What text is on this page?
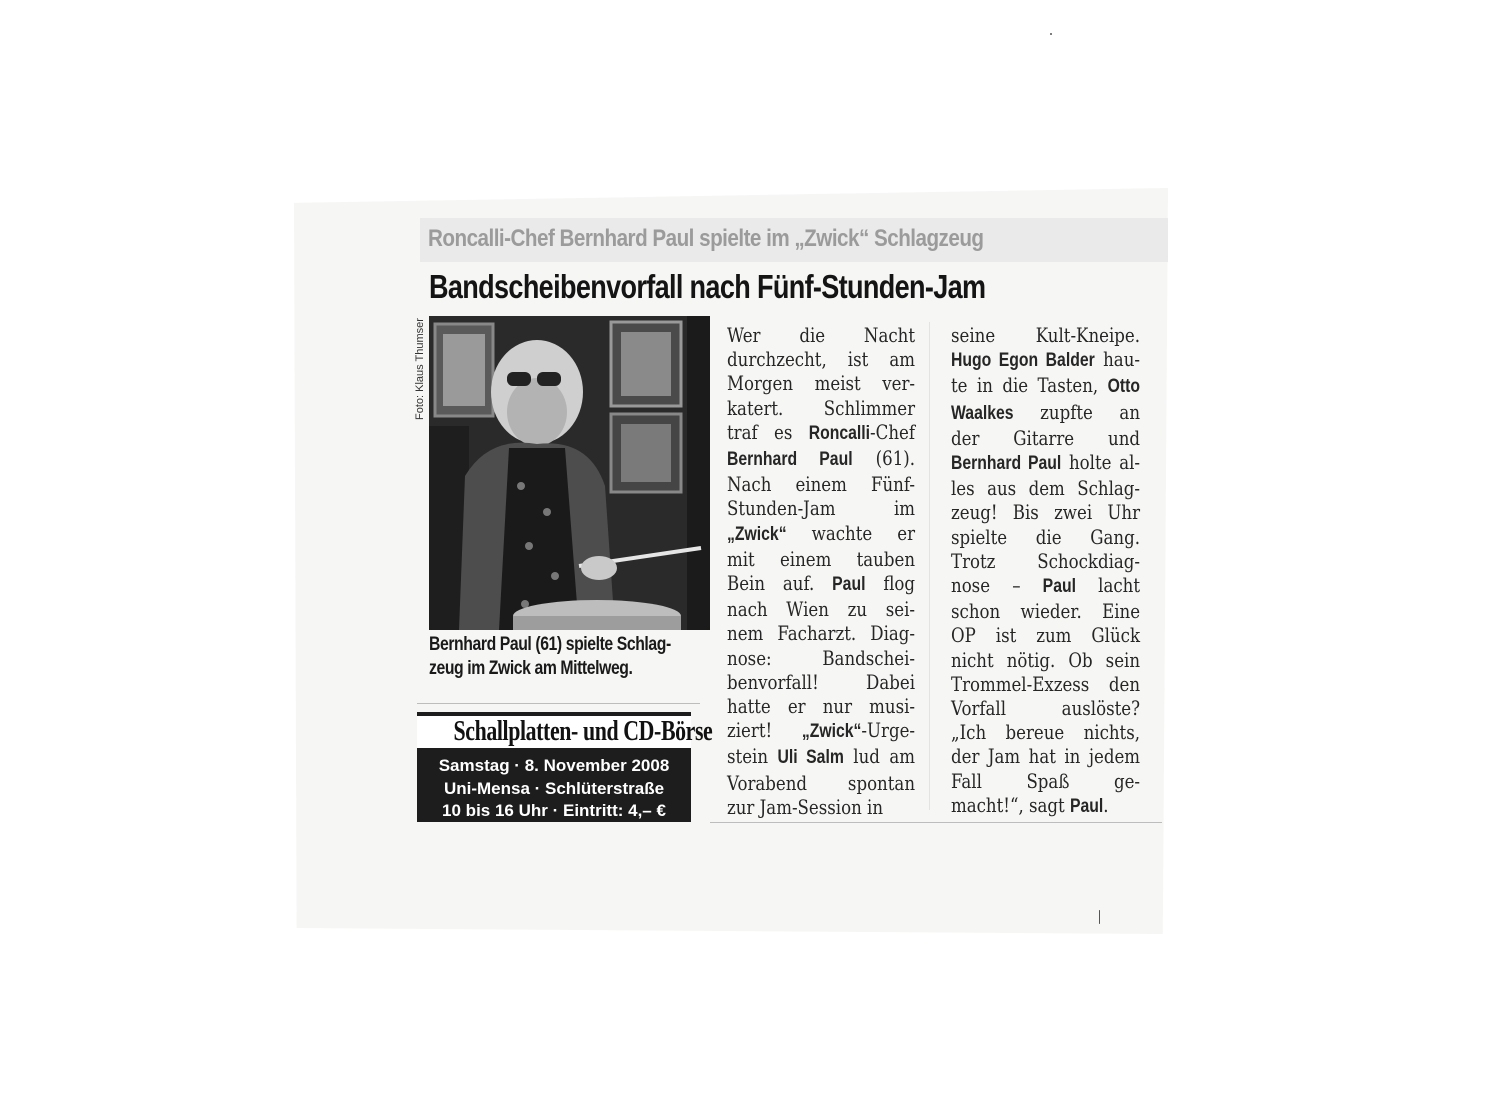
Roncalli-Chef Bernhard Paul spielte im „Zwick“ Schlagzeug
Bandscheibenvorfall nach Fünf-Stunden-Jam
Foto: Klaus Thumser
Bernhard Paul (61) spielte Schlag-
zeug im Zwick am Mittelweg.
Schallplatten- und CD-Börse
Samstag · 8. November 2008
Uni-Mensa · Schlüterstraße
10 bis 16 Uhr · Eintritt: 4,– €
Wer die Nacht
durchzecht, ist am
Morgen meist ver-
katert. Schlimmer
traf es Roncalli-Chef
Bernhard Paul (61).
Nach einem Fünf-
Stunden-Jam im
„Zwick“ wachte er
mit einem tauben
Bein auf. Paul flog
nach Wien zu sei-
nem Facharzt. Diag-
nose: Bandschei-
benvorfall! Dabei
hatte er nur musi-
ziert! „Zwick“-Urge-
stein Uli Salm lud am
Vorabend spontan
zur Jam-Session in
seine Kult-Kneipe.
Hugo Egon Balder hau-
te in die Tasten, Otto
Waalkes zupfte an
der Gitarre und
Bernhard Paul holte al-
les aus dem Schlag-
zeug! Bis zwei Uhr
spielte die Gang.
Trotz Schockdiag-
nose – Paul lacht
schon wieder. Eine
OP ist zum Glück
nicht nötig. Ob sein
Trommel-Exzess den
Vorfall auslöste?
„Ich bereue nichts,
der Jam hat in jedem
Fall Spaß ge-
macht!“, sagt Paul.
